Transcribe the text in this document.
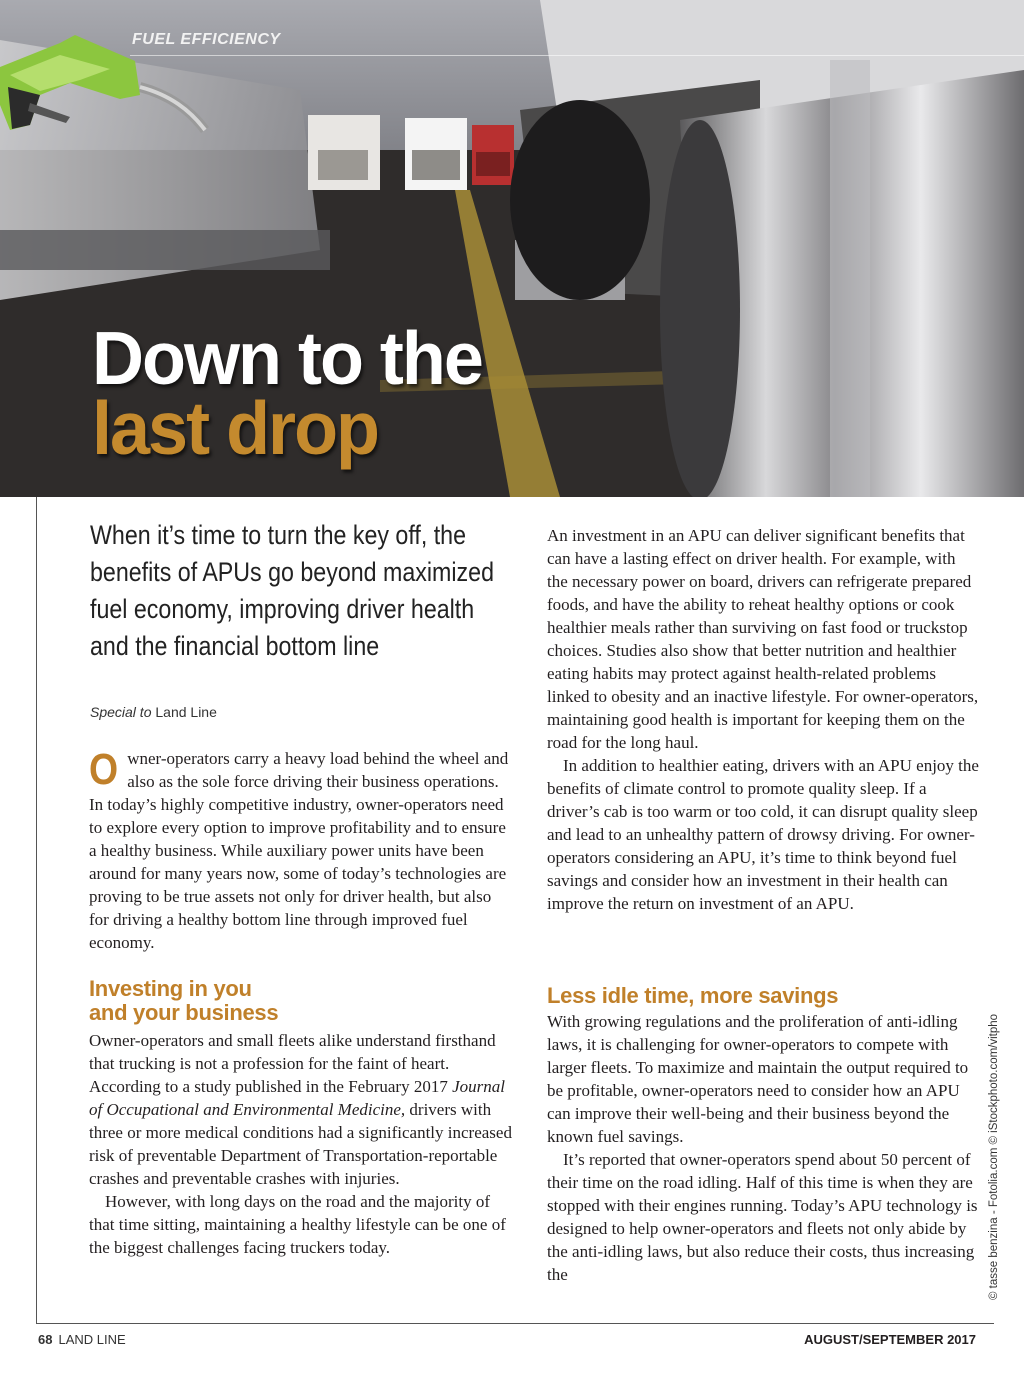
FUEL EFFICIENCY
Down to the
last drop

When it’s time to turn the key off, the benefits of APUs go beyond maximized fuel economy, improving driver health and the financial bottom line

Special to Land Line
O wner-operators carry a heavy load behind the wheel and also as the sole force driving their business operations. In today’s highly competitive industry, owner-operators need to explore every option to improve profitability and to ensure a healthy business. While auxiliary power units have been around for many years now, some of today’s technologies are proving to be true assets not only for driver health, but also for driving a healthy bottom line through improved fuel economy.

Investing in you
and your business

Owner-operators and small fleets alike understand firsthand that trucking is not a profession for the faint of heart. According to a study published in the February 2017 Journal of Occupational and Environmental Medicine, drivers with three or more medical conditions had a significantly increased risk of preventable Department of Transportation-reportable crashes and preventable crashes with injuries.

However, with long days on the road and the majority of that time sitting, maintaining a healthy lifestyle can be one of the biggest challenges facing truckers today.

An investment in an APU can deliver significant benefits that can have a lasting effect on driver health. For example, with the necessary power on board, drivers can refrigerate prepared foods, and have the ability to reheat healthy options or cook healthier meals rather than surviving on fast food or truckstop choices. Studies also show that better nutrition and healthier eating habits may protect against health-related problems linked to obesity and an inactive lifestyle. For owner-operators, maintaining good health is important for keeping them on the road for the long haul.

In addition to healthier eating, drivers with an APU enjoy the benefits of climate control to promote quality sleep. If a driver’s cab is too warm or too cold, it can disrupt quality sleep and lead to an unhealthy pattern of drowsy driving. For owner-operators considering an APU, it’s time to think beyond fuel savings and consider how an investment in their health can improve the return on investment of an APU.

Less idle time, more savings

With growing regulations and the proliferation of anti-idling laws, it is challenging for owner-operators to compete with larger fleets. To maximize and maintain the output required to be profitable, owner-operators need to consider how an APU can improve their well-being and their business beyond the known fuel savings.

It’s reported that owner-operators spend about 50 percent of their time on the road idling. Half of this time is when they are stopped with their engines running. Today’s APU technology is designed to help owner-operators and fleets not only abide by the anti-idling laws, but also reduce their costs, thus increasing the	© tasse benzina - Fotolia.com © iStockphoto.com/vitpho
68 LAND LINE	AUGUST/SEPTEMBER 2017
